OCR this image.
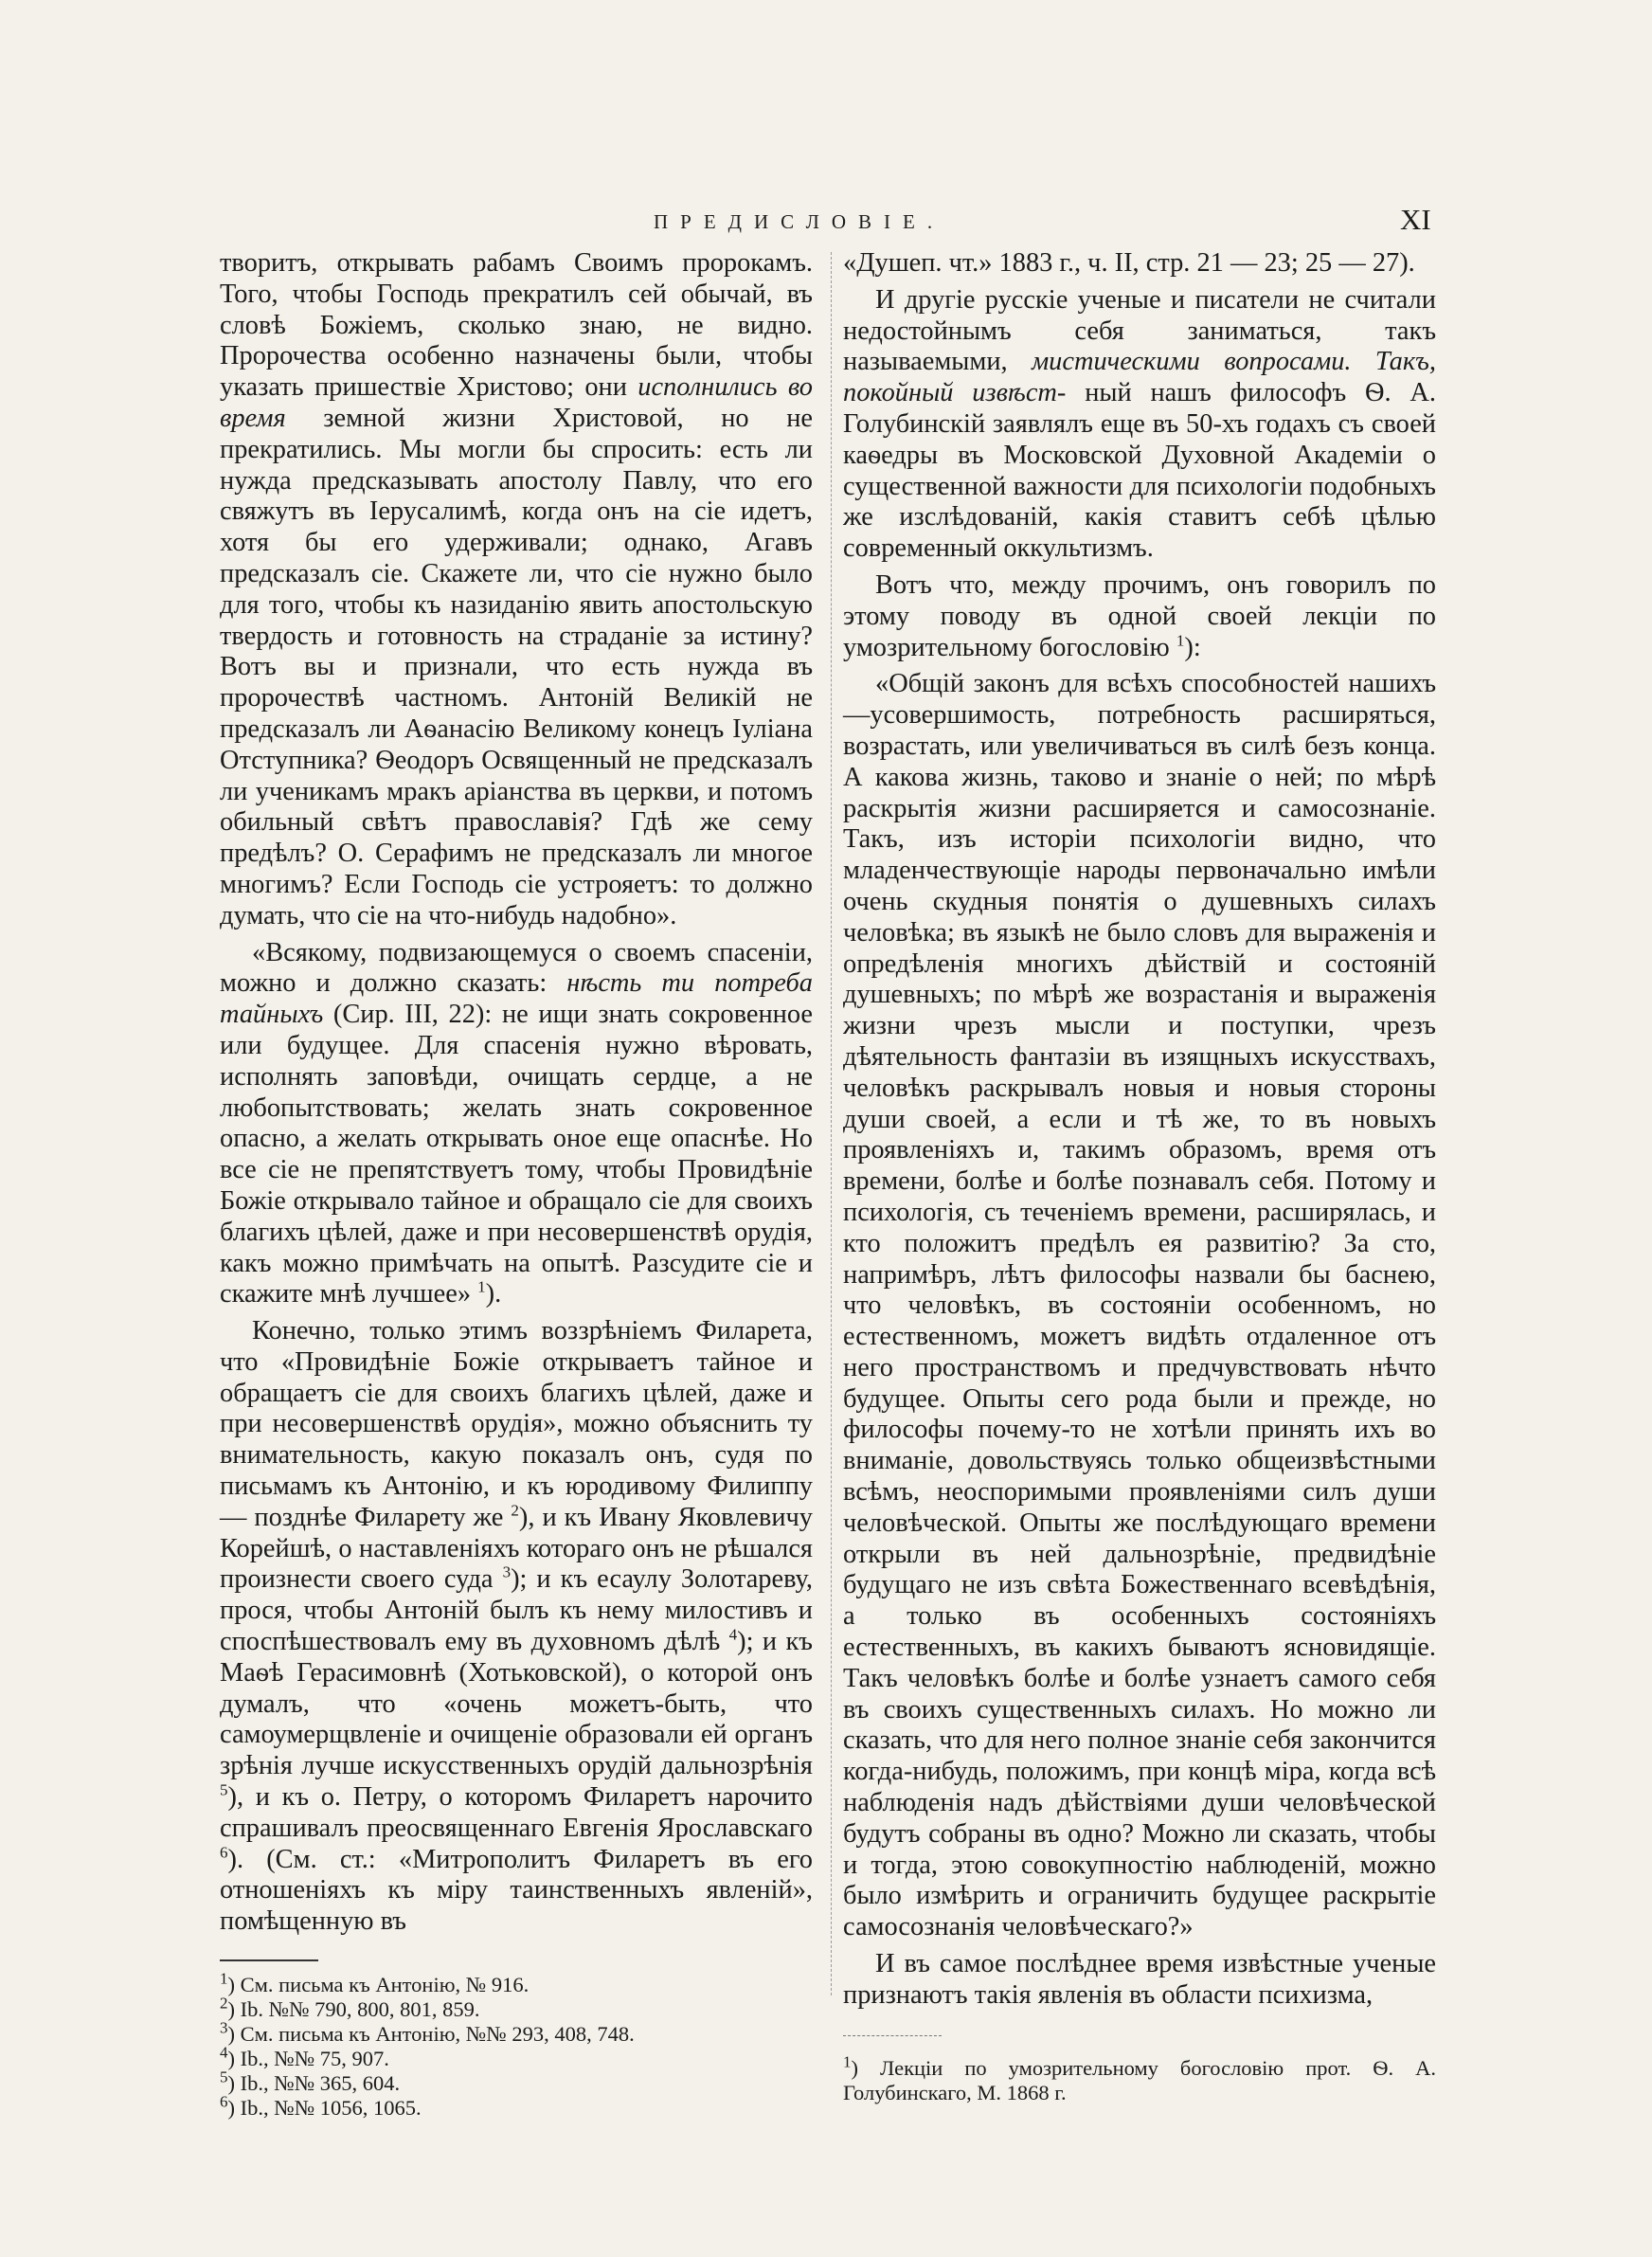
ПРЕДИСЛОВІЕ.	XI

творитъ, открывать рабамъ Своимъ пророкамъ. Того, чтобы Господь прекратилъ сей обычай, въ словѣ Божіемъ, сколько знаю, не видно. Пророчества особенно назначены были, чтобы указать пришествіе Христово; они исполнились во время земной жизни Христовой, но не прекратились. Мы могли бы спросить: есть ли нужда предсказывать апостолу Павлу, что его свяжутъ въ Іерусалимѣ, когда онъ на сіе идетъ, хотя бы его удерживали; однако, Агавъ предсказалъ сіе. Скажете ли, что сіе нужно было для того, чтобы къ назиданію явить апостольскую твердость и готовность на страданіе за истину? Вотъ вы и признали, что есть нужда въ пророчествѣ частномъ. Антоній Великій не предсказалъ ли Аѳанасію Великому конецъ Іуліана Отступника? Ѳеодоръ Освященный не предсказалъ ли ученикамъ мракъ аріанства въ церкви, и потомъ обильный свѣтъ православія? Гдѣ же сему предѣлъ? О. Серафимъ не предсказалъ ли многое многимъ? Если Господь сіе устрояетъ: то должно думать, что сіе на что-нибудь надобно».

«Всякому, подвизающемуся о своемъ спасеніи, можно и должно сказать: нѣсть ти потреба тайныхъ (Сир. III, 22): не ищи знать сокровенное или будущее. Для спасенія нужно вѣровать, исполнять заповѣди, очищать сердце, а не любопытствовать; желать знать сокровенное опасно, а желать открывать оное еще опаснѣе. Но все сіе не препятствуетъ тому, чтобы Провидѣніе Божіе открывало тайное и обращало сіе для своихъ благихъ цѣлей, даже и при несовершенствѣ орудія, какъ можно примѣчать на опытѣ. Разсудите сіе и скажите мнѣ лучшее» $^1$).

Конечно, только этимъ воззрѣніемъ Филарета, что «Провидѣніе Божіе открываетъ тайное и обращаетъ сіе для своихъ благихъ цѣлей, даже и при несовершенствѣ орудія», можно объяснить ту внимательность, какую показалъ онъ, судя по письмамъ къ Антонію, и къ юродивому Филиппу — позднѣе Филарету же $^2$), и къ Ивану Яковлевичу Корейшѣ, о наставленіяхъ котораго онъ не рѣшался произнести своего суда $^3$); и къ есаулу Золотареву, прося, чтобы Антоній былъ къ нему милостивъ и споспѣшествовалъ ему въ духовномъ дѣлѣ $^4$); и къ Маѳѣ Герасимовнѣ (Хотьковской), о которой онъ думалъ, что «очень можетъ-быть, что самоумерщвленіе и очищеніе образовали ей органъ зрѣнія лучше искусственныхъ орудій дальнозрѣнія $^5$), и къ о. Петру, о которомъ Филаретъ нарочито спрашивалъ преосвященнаго Евгенія Ярославскаго $^6$). (См. ст.: «Митрополитъ Филаретъ въ его отношеніяхъ къ міру таинственныхъ явленій», помѣщенную въ

«Душеп. чт.» 1883 г., ч. II, стр. 21 — 23; 25 — 27).

И другіе русскіе ученые и писатели не считали недостойнымъ себя заниматься, такъ называемыми, мистическими вопросами. Такъ, покойный извѣст- ный нашъ философъ Ѳ. А. Голубинскій заявлялъ еще въ 50-хъ годахъ съ своей каѳедры въ Московской Духовной Академіи о существенной важности для психологіи подобныхъ же изслѣдованій, какія ставитъ себѣ цѣлью современный оккультизмъ.

Вотъ что, между прочимъ, онъ говорилъ по этому поводу въ одной своей лекціи по умозрительному богословію $^1$):

«Общій законъ для всѣхъ способностей нашихъ—усовершимость, потребность расширяться, возрастать, или увеличиваться въ силѣ безъ конца. А какова жизнь, таково и знаніе о ней; по мѣрѣ раскрытія жизни расширяется и самосознаніе. Такъ, изъ исторіи психологіи видно, что младенчествующіе народы первоначально имѣли очень скудныя понятія о душевныхъ силахъ человѣка; въ языкѣ не было словъ для выраженія и опредѣленія многихъ дѣйствій и состояній душевныхъ; по мѣрѣ же возрастанія и выраженія жизни чрезъ мысли и поступки, чрезъ дѣятельность фантазіи въ изящныхъ искусствахъ, человѣкъ раскрывалъ новыя и новыя стороны души своей, а если и тѣ же, то въ новыхъ проявленіяхъ и, такимъ образомъ, время отъ времени, болѣе и болѣе познавалъ себя. Потому и психологія, съ теченіемъ времени, расширялась, и кто положитъ предѣлъ ея развитію? За сто, напримѣръ, лѣтъ философы назвали бы баснею, что человѣкъ, въ состояніи особенномъ, но естественномъ, можетъ видѣть отдаленное отъ него пространствомъ и предчувствовать нѣчто будущее. Опыты сего рода были и прежде, но философы почему-то не хотѣли принять ихъ во вниманіе, довольствуясь только общеизвѣстными всѣмъ, неоспоримыми проявленіями силъ души человѣческой. Опыты же послѣдующаго времени открыли въ ней дальнозрѣніе, предвидѣніе будущаго не изъ свѣта Божественнаго всевѣдѣнія, а только въ особенныхъ состояніяхъ естественныхъ, въ какихъ бываютъ ясновидящіе. Такъ человѣкъ болѣе и болѣе узнаетъ самого себя въ своихъ существенныхъ силахъ. Но можно ли сказать, что для него полное знаніе себя закончится когда-нибудь, положимъ, при концѣ міра, когда всѣ наблюденія надъ дѣйствіями души человѣческой будутъ собраны въ одно? Можно ли сказать, чтобы и тогда, этою совокупностію наблюденій, можно было измѣрить и ограничить будущее раскрытіе самосознанія человѣческаго?»

И въ самое послѣднее время извѣстные ученые признаютъ такія явленія въ области психизма,

$^1$) См. письма къ Антонію, № 916.

$^2$) Ib. №№ 790, 800, 801, 859.

$^3$) См. письма къ Антонію, №№ 293, 408, 748.

$^4$) Ib., №№ 75, 907.

$^5$) Ib., №№ 365, 604.

$^6$) Ib., №№ 1056, 1065.

$^1$) Лекціи по умозрительному богословію прот. Ѳ. А. Голубинскаго, М. 1868 г.
